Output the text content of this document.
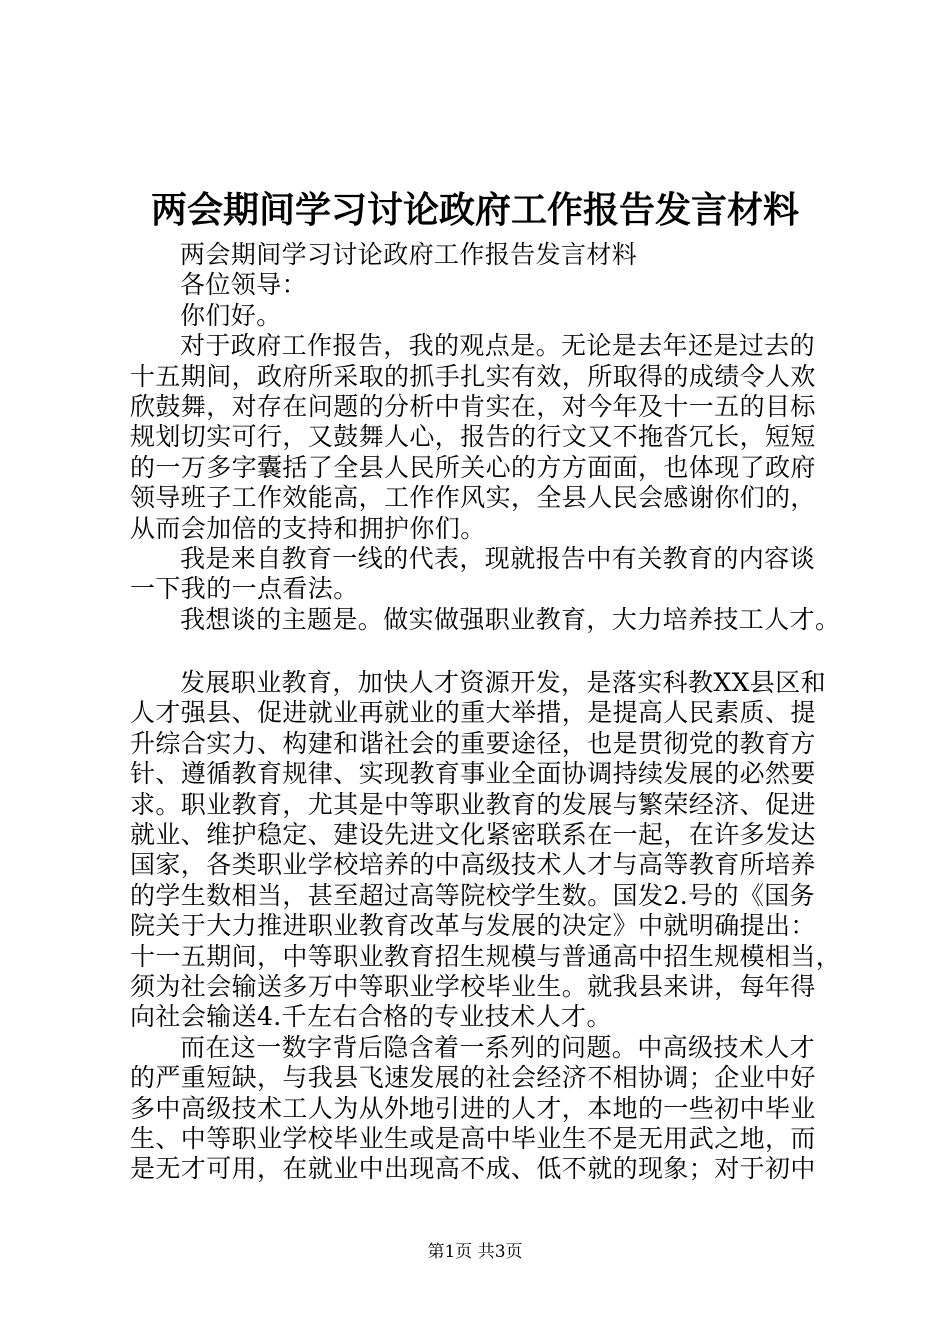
两会期间学习讨论政府工作报告发言材料
两会期间学习讨论政府工作报告发言材料
各位领导：
你们好。
对于政府工作报告，我的观点是。无论是去年还是过去的
十五期间，政府所采取的抓手扎实有效，所取得的成绩令人欢
欣鼓舞，对存在问题的分析中肯实在，对今年及十一五的目标
规划切实可行，又鼓舞人心，报告的行文又不拖沓冗长，短短
的一万多字囊括了全县人民所关心的方方面面，也体现了政府
领导班子工作效能高，工作作风实，全县人民会感谢你们的，
从而会加倍的支持和拥护你们。
我是来自教育一线的代表，现就报告中有关教育的内容谈
一下我的一点看法。
我想谈的主题是。做实做强职业教育，大力培养技工人才。
发展职业教育，加快人才资源开发，是落实科教XX县区和
人才强县、促进就业再就业的重大举措，是提高人民素质、提
升综合实力、构建和谐社会的重要途径，也是贯彻党的教育方
针、遵循教育规律、实现教育事业全面协调持续发展的必然要
求。职业教育，尤其是中等职业教育的发展与繁荣经济、促进
就业、维护稳定、建设先进文化紧密联系在一起，在许多发达
国家，各类职业学校培养的中高级技术人才与高等教育所培养
的学生数相当，甚至超过高等院校学生数。国发2.号的《国务
院关于大力推进职业教育改革与发展的决定》中就明确提出：
十一五期间，中等职业教育招生规模与普通高中招生规模相当，
须为社会输送多万中等职业学校毕业生。就我县来讲，每年得
向社会输送4.千左右合格的专业技术人才。
而在这一数字背后隐含着一系列的问题。中高级技术人才
的严重短缺，与我县飞速发展的社会经济不相协调；企业中好
多中高级技术工人为从外地引进的人才，本地的一些初中毕业
生、中等职业学校毕业生或是高中毕业生不是无用武之地，而
是无才可用，在就业中出现高不成、低不就的现象；对于初中
第1页 共3页
